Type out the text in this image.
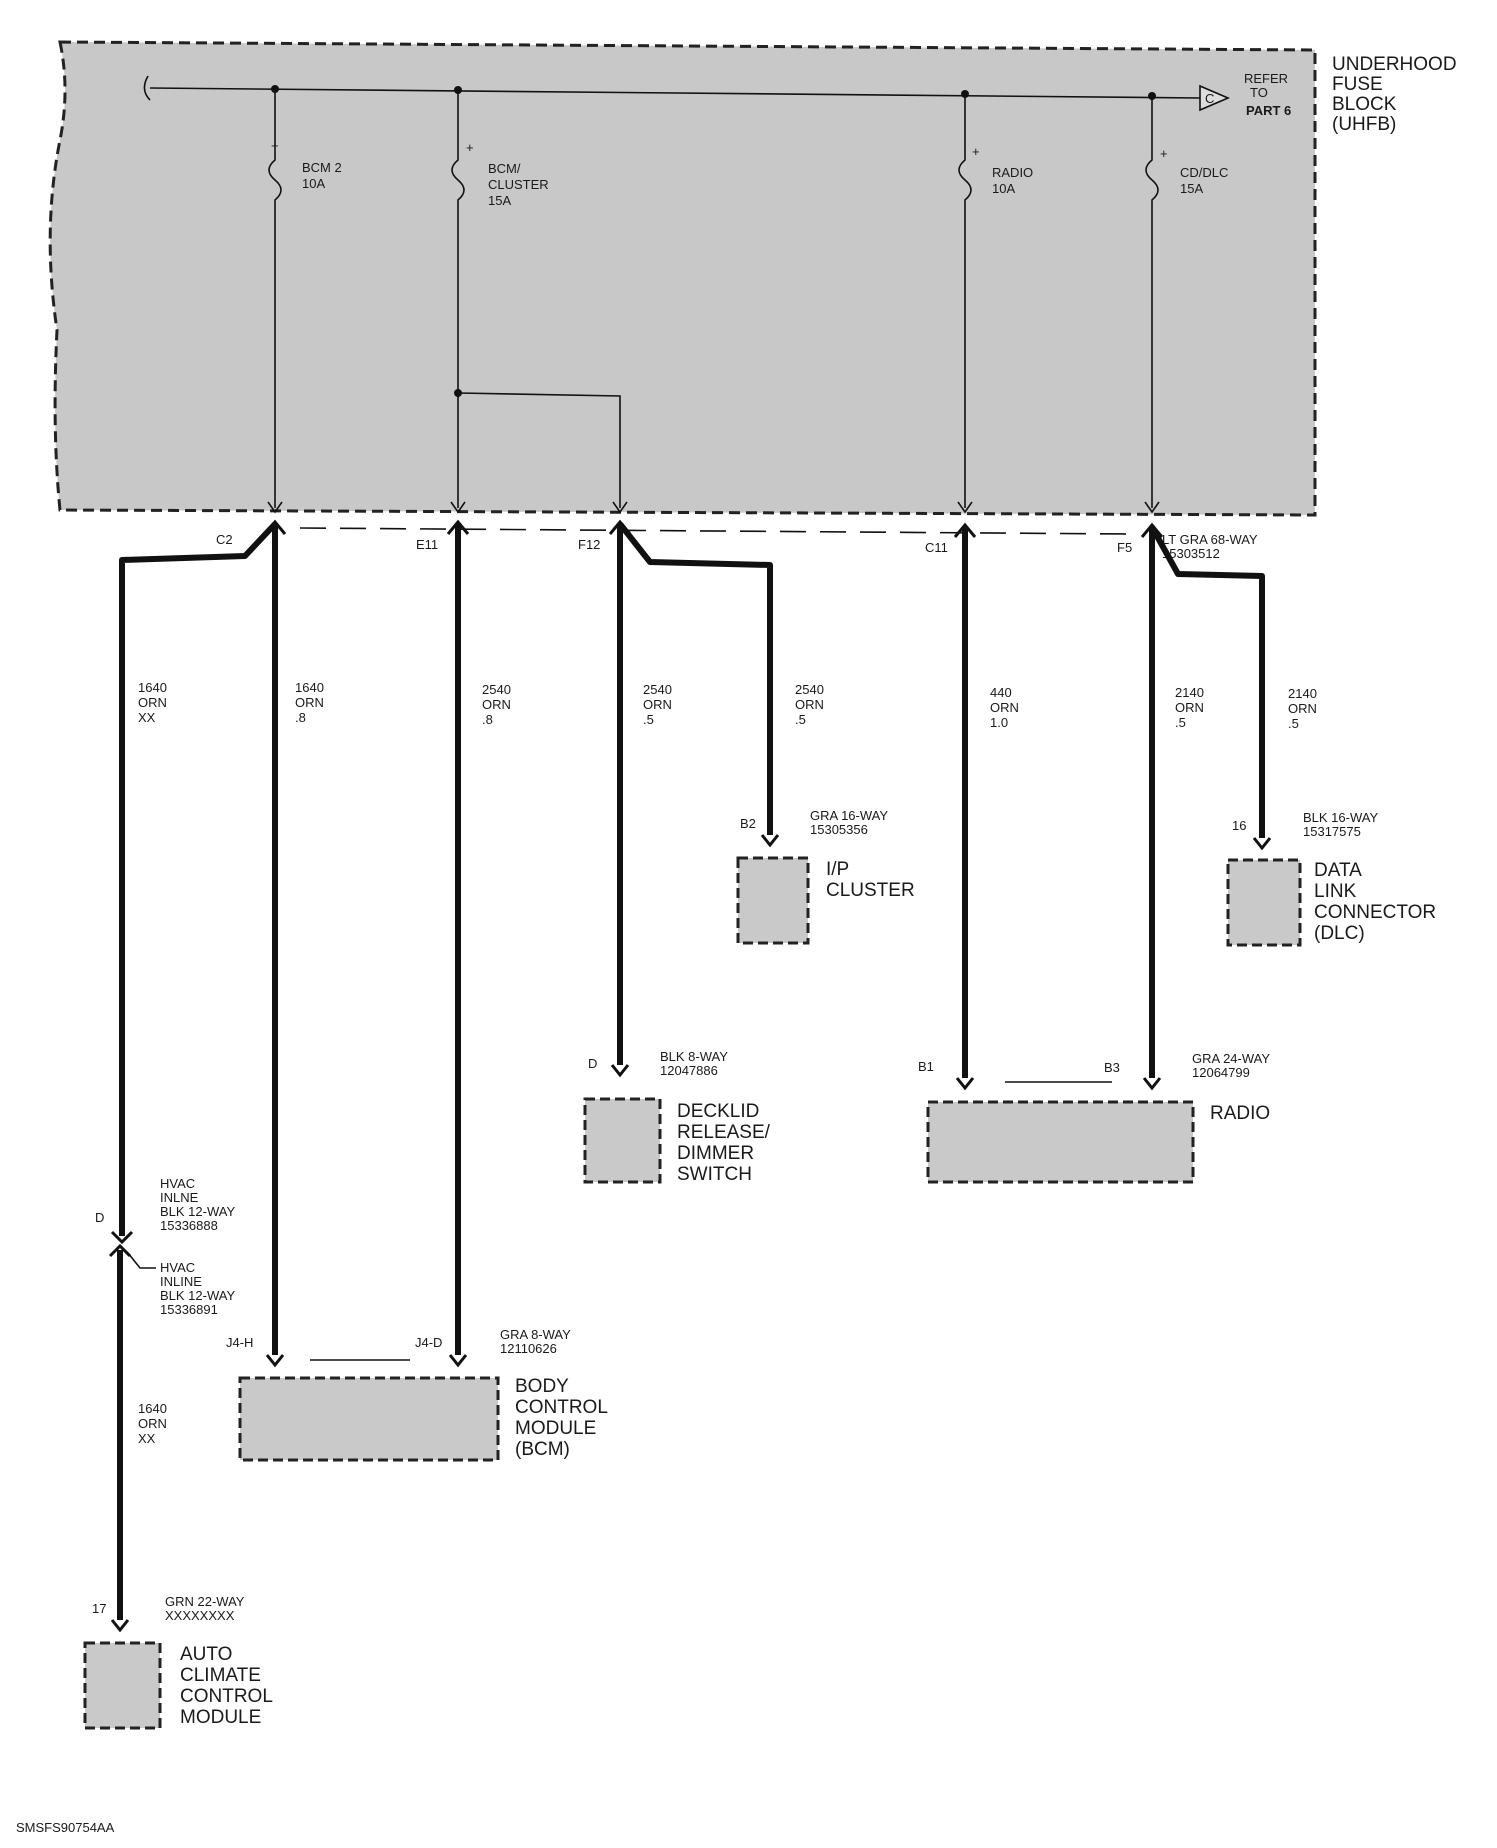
UNDERHOOD
FUSE
BLOCK
(UHFB)
C
REFER
TO
PART 6
+
BCM 2
10A
+
BCM/
CLUSTER
15A
+
RADIO
10A
+
CD/DLC
15A
LT GRA 68-WAY
15303512
C2	E11	F12	C11	F5
1640
ORN
XX
1640
ORN
.8
2540
ORN
.8
2540
ORN
.5
2540
ORN
.5
440
ORN
1.0
2140
ORN
.5
2140
ORN
.5
1640
ORN
XX
B2
GRA 16-WAY
15305356
I/P
CLUSTER
16
BLK 16-WAY
15317575
DATA
LINK
CONNECTOR
(DLC)
D	BLK 8-WAY
12047886
DECKLID
RELEASE/
DIMMER
SWITCH
B1	B3
GRA 24-WAY
12064799
RADIO
D
HVAC
INLNE
BLK 12-WAY
15336888
HVAC
INLINE
BLK 12-WAY
15336891
J4-H	J4-D
GRA 8-WAY
12110626
BODY
CONTROL
MODULE
(BCM)
17	GRN 22-WAY
XXXXXXXX
AUTO
CLIMATE
CONTROL
MODULE
SMSFS90754AA
